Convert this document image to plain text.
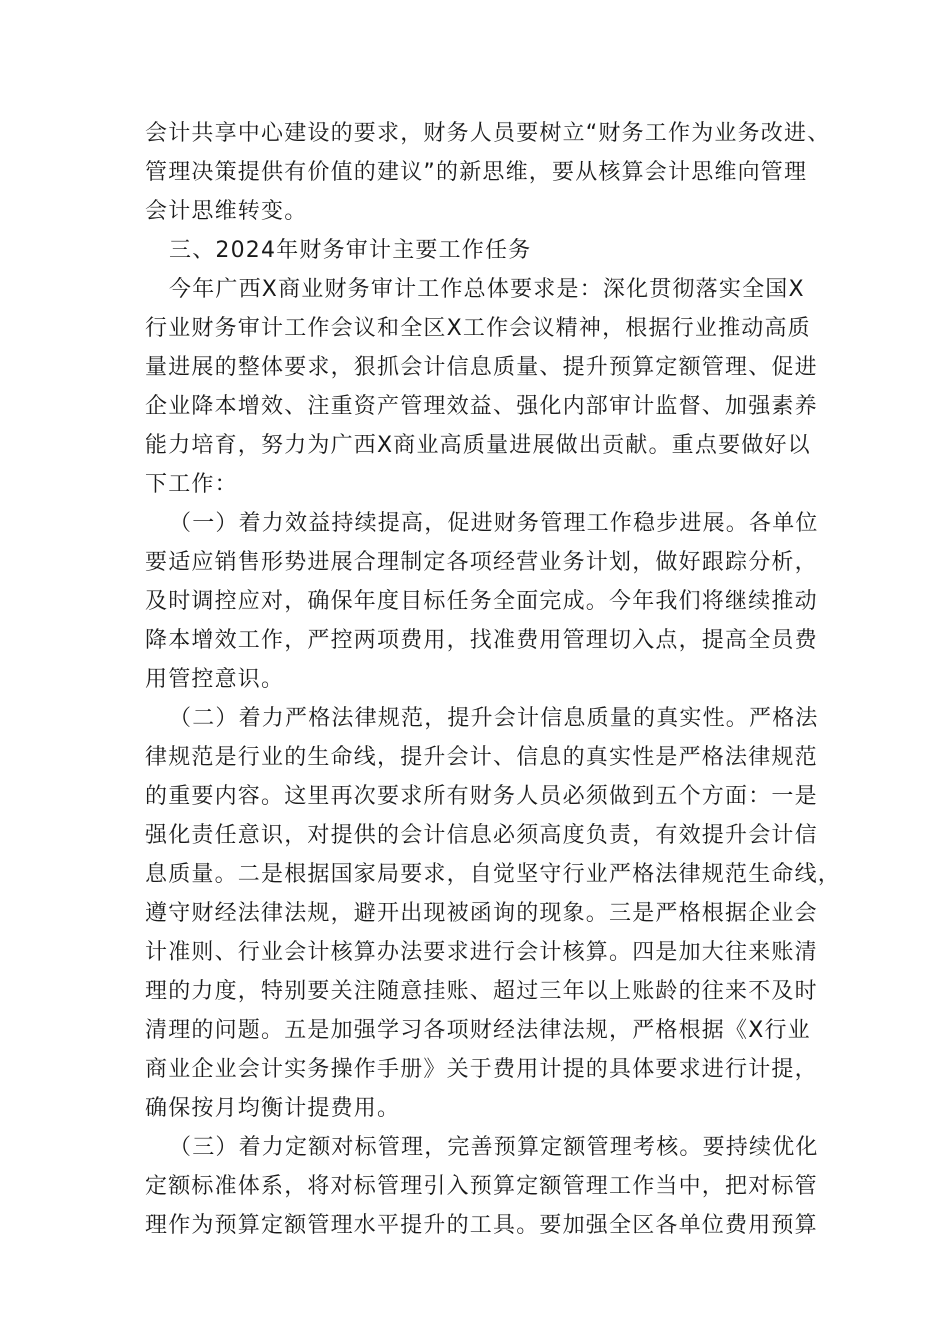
会计共享中心建设的要求，财务人员要树立“财务工作为业务改进、
管理决策提供有价值的建议”的新思维，要从核算会计思维向管理
会计思维转变。
三、2024年财务审计主要工作任务
今年广西X商业财务审计工作总体要求是：深化贯彻落实全国X
行业财务审计工作会议和全区X工作会议精神，根据行业推动高质
量进展的整体要求，狠抓会计信息质量、提升预算定额管理、促进
企业降本增效、注重资产管理效益、强化内部审计监督、加强素养
能力培育，努力为广西X商业高质量进展做出贡献。重点要做好以
下工作：
（一）着力效益持续提高，促进财务管理工作稳步进展。各单位
要适应销售形势进展合理制定各项经营业务计划，做好跟踪分析，
及时调控应对，确保年度目标任务全面完成。今年我们将继续推动
降本增效工作，严控两项费用，找准费用管理切入点，提高全员费
用管控意识。
（二）着力严格法律规范，提升会计信息质量的真实性。严格法
律规范是行业的生命线，提升会计、信息的真实性是严格法律规范
的重要内容。这里再次要求所有财务人员必须做到五个方面：一是
强化责任意识，对提供的会计信息必须高度负责，有效提升会计信
息质量。二是根据国家局要求，自觉坚守行业严格法律规范生命线，
遵守财经法律法规，避开出现被函询的现象。三是严格根据企业会
计准则、行业会计核算办法要求进行会计核算。四是加大往来账清
理的力度，特别要关注随意挂账、超过三年以上账龄的往来不及时
清理的问题。五是加强学习各项财经法律法规，严格根据《X行业
商业企业会计实务操作手册》关于费用计提的具体要求进行计提，
确保按月均衡计提费用。
（三）着力定额对标管理，完善预算定额管理考核。要持续优化
定额标准体系，将对标管理引入预算定额管理工作当中，把对标管
理作为预算定额管理水平提升的工具。要加强全区各单位费用预算
